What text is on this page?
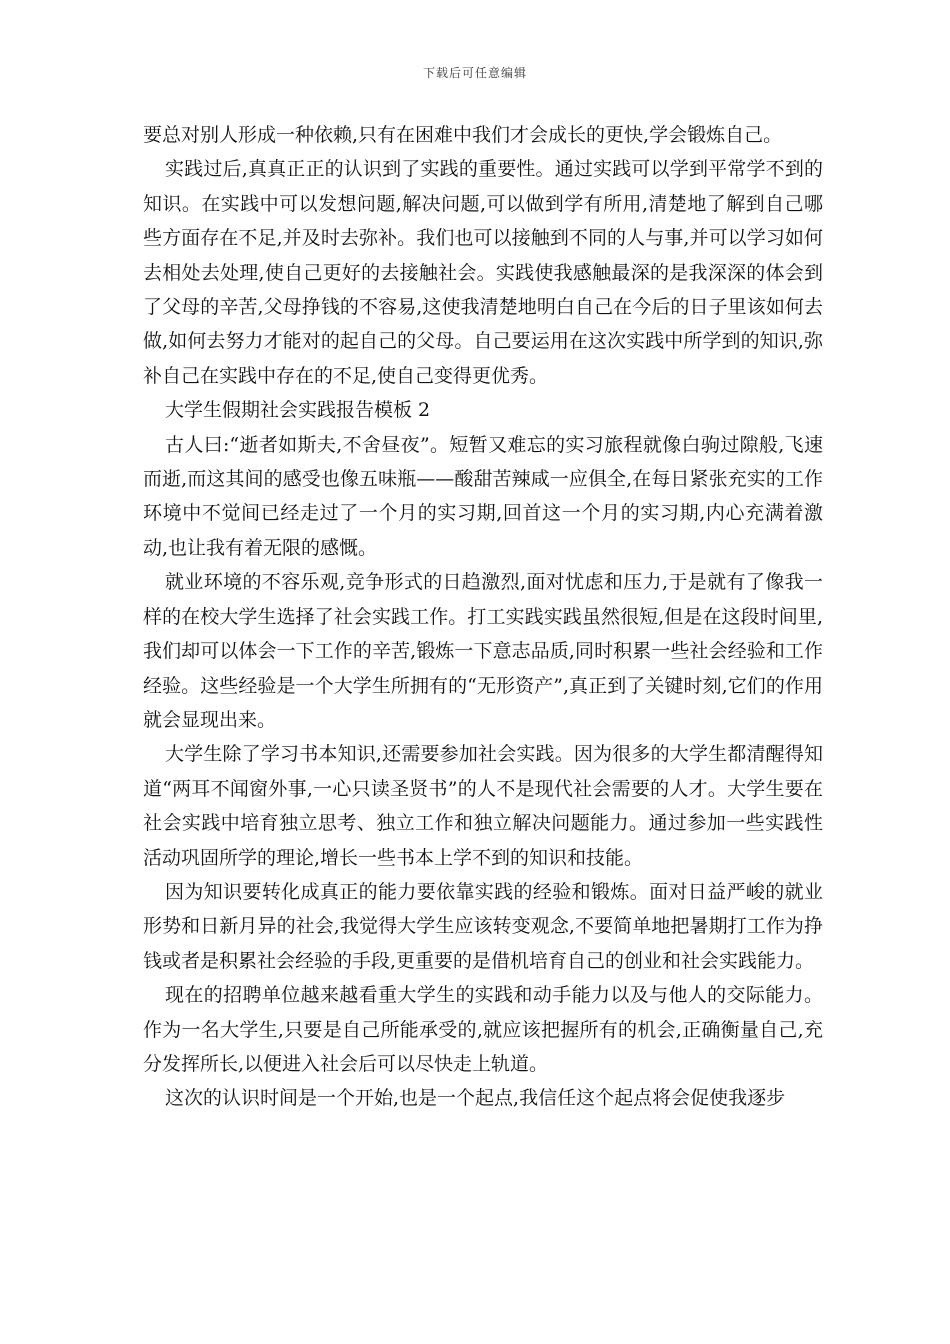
下载后可任意编辑

要总对别人形成一种依赖,只有在困难中我们才会成长的更快,学会锻炼自己。

实践过后,真真正正的认识到了实践的重要性。通过实践可以学到平常学不到的知识。在实践中可以发想问题,解决问题,可以做到学有所用,清楚地了解到自己哪些方面存在不足,并及时去弥补。我们也可以接触到不同的人与事,并可以学习如何去相处去处理,使自己更好的去接触社会。实践使我感触最深的是我深深的体会到了父母的辛苦,父母挣钱的不容易,这使我清楚地明白自己在今后的日子里该如何去做,如何去努力才能对的起自己的父母。自己要运用在这次实践中所学到的知识,弥补自己在实践中存在的不足,使自己变得更优秀。

大学生假期社会实践报告模板 2

古人曰:“逝者如斯夫,不舍昼夜”。短暂又难忘的实习旅程就像白驹过隙般,飞速而逝,而这其间的感受也像五味瓶——酸甜苦辣咸一应俱全,在每日紧张充实的工作环境中不觉间已经走过了一个月的实习期,回首这一个月的实习期,内心充满着激动,也让我有着无限的感慨。

就业环境的不容乐观,竞争形式的日趋激烈,面对忧虑和压力,于是就有了像我一样的在校大学生选择了社会实践工作。打工实践实践虽然很短,但是在这段时间里,我们却可以体会一下工作的辛苦,锻炼一下意志品质,同时积累一些社会经验和工作经验。这些经验是一个大学生所拥有的“无形资产”,真正到了关键时刻,它们的作用就会显现出来。

大学生除了学习书本知识,还需要参加社会实践。因为很多的大学生都清醒得知道“两耳不闻窗外事,一心只读圣贤书”的人不是现代社会需要的人才。大学生要在社会实践中培育独立思考、独立工作和独立解决问题能力。通过参加一些实践性活动巩固所学的理论,增长一些书本上学不到的知识和技能。

因为知识要转化成真正的能力要依靠实践的经验和锻炼。面对日益严峻的就业形势和日新月异的社会,我觉得大学生应该转变观念,不要简单地把暑期打工作为挣钱或者是积累社会经验的手段,更重要的是借机培育自己的创业和社会实践能力。

现在的招聘单位越来越看重大学生的实践和动手能力以及与他人的交际能力。作为一名大学生,只要是自己所能承受的,就应该把握所有的机会,正确衡量自己,充分发挥所长,以便进入社会后可以尽快走上轨道。

这次的认识时间是一个开始,也是一个起点,我信任这个起点将会促使我逐步
